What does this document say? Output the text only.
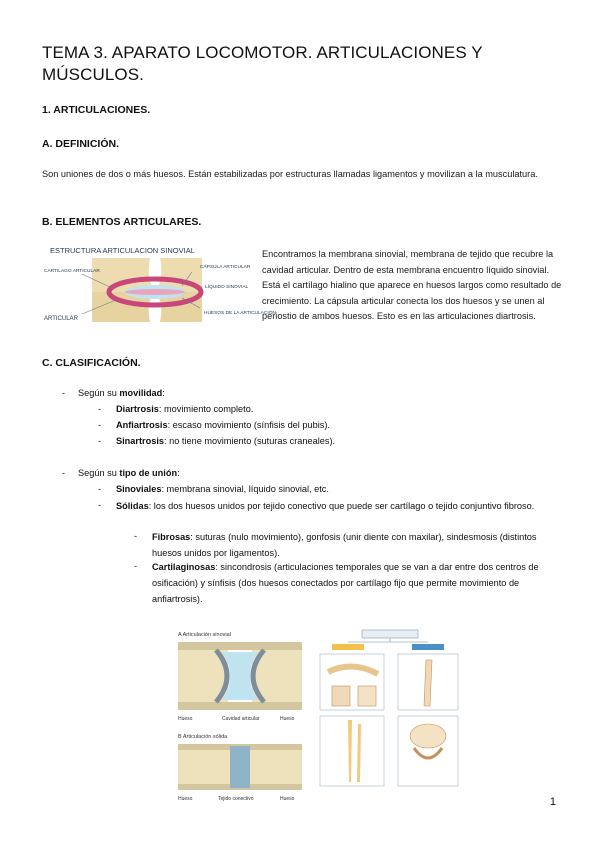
TEMA 3. APARATO LOCOMOTOR. ARTICULACIONES Y MÚSCULOS.
1. ARTICULACIONES.
A. DEFINICIÓN.
Son uniones de dos o más huesos. Están estabilizadas por estructuras llamadas ligamentos y movilizan a la musculatura.
B. ELEMENTOS ARTICULARES.
ESTRUCTURA ARTICULACION SINOVIAL
CARTILAGO ARTICULAR
CÁPSULA ARTICULAR
LÍQUIDO SINOVIAL
HUESOS DE LA ARTICULACIÓN
ARTICULAR
Encontramos la membrana sinovial, membrana de tejido que recubre la cavidad articular. Dentro de esta membrana encuentro líquido sinovial. Está el cartílago hialino que aparece en huesos largos como resultado de crecimiento. La cápsula articular conecta los dos huesos y se unen al periostio de ambos huesos. Esto es en las articulaciones diartrosis.
C. CLASIFICACIÓN.
- Según su movilidad:
- Diartrosis: movimiento completo.
- Anfiartrosis: escaso movimiento (sínfisis del pubis).
- Sinartrosis: no tiene movimiento (suturas craneales).
- Según su tipo de unión:
- Sinoviales: membrana sinovial, líquido sinovial, etc.
- Sólidas: los dos huesos unidos por tejido conectivo que puede ser cartílago o tejido conjuntivo fibroso.
- Fibrosas: suturas (nulo movimiento), gonfosis (unir diente con maxilar), sindesmosis (distintos huesos unidos por ligamentos).
- Cartilaginosas: sincondrosis (articulaciones temporales que se van a dar entre dos centros de osificación) y sínfisis (dos huesos conectados por cartílago fijo que permite movimiento de anfiartrosis).
A Articulación sinovial
Hueso	Cavidad articular	Hueso
B Articulación sólida
Hueso	Tejido conectivo	Hueso	1
